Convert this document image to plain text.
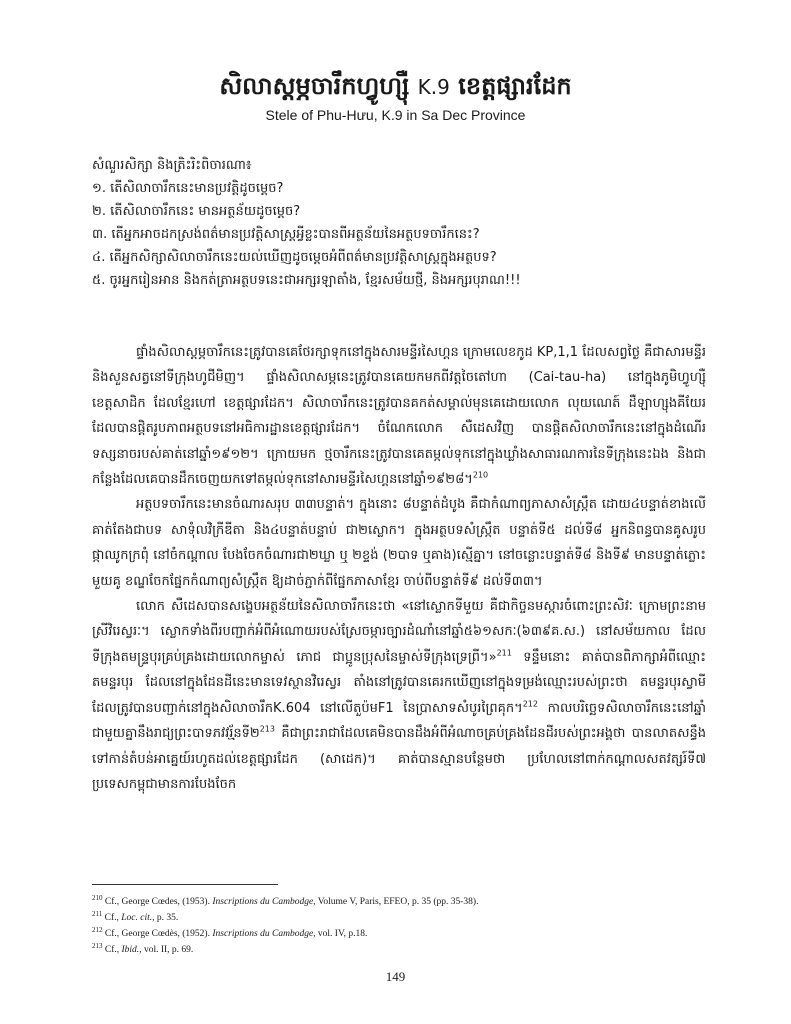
សិលាស្តម្ភចារឹកហ្វូហ្ស៊ឺ K.9 ខេត្តផ្សារដែក
Stele of Phu-Hưu, K.9 in Sa Dec Province
សំណួរសិក្សា និងត្រិះរិះពិចារណា៖
១. តើសិលាចារឹកនេះមានប្រវត្តិដូចម្តេច?
២. តើសិលាចារឹកនេះ មានអត្ថន័យដូចម្តេច?
៣. តើអ្នកអាចដកស្រង់ពត៌មានប្រវត្តិសាស្រ្តអ្វីខ្លះបានពីអត្ថន័យនៃអត្ថបទចារឹកនេះ?
៤. តើអ្នកសិក្សាសិលាចារឹកនេះយល់ឃើញដូចម្តេចអំពីពត៌មានប្រវត្តិសាស្រ្តក្នុងអត្ថបទ?
៥. ចូរអ្នករៀនអាន និងកត់ត្រាអត្ថបទនេះជាអក្សរឡាតាំង, ខ្មែរសម័យថ្មី, និងអក្សរបុរាណ!!!

ផ្ទាំងសិលាស្តម្ភចារឹកនេះត្រូវបានគេថែរក្សាទុកនៅក្នុងសារមន្ទីរសៃហ្គន ក្រោមលេខកូដ KP,1,1 ដែលសព្វថ្ងៃ គឺជាសារមន្ទីរ និងសួនសត្វនៅទីក្រុងហូជីមិញ។ ផ្ទាំងសិលាសម្ភនេះត្រូវបានគេយកមកពីវត្តចៃតៅហា (Cai-tau-ha) នៅក្នុងភូមិហ្វូហ្ស៊ឺ ខេត្តសាដិក ដែលខ្មែរហៅ ខេត្តផ្សារដែក។ សិលាចារឹកនេះត្រូវបានគកត់សម្គាល់មុនគេដោយលោក លុយណេត៍ ដឺឡាហ្សុងគីយែរ ដែលបានផ្តិតរូបភាពអត្ថបទនៅអធិការដ្ឋានខេត្តផ្សារដែក។ ចំណែកលោក សឺដេសវិញ បានផ្តិតសិលាចារឹកនេះនៅក្នុងដំណើរទស្សនាចរបស់គាត់នៅឆ្នាំ១៩១២។ ក្រោយមក ថ្មចារឹកនេះត្រូវបានគេតម្កល់ទុកនៅក្នុងឃ្លាំងសាធារណការនៃទីក្រុងនេះឯង និងជាកន្លែងដែលគេបានដឹកចេញយកទៅតម្កល់ទុកនៅសារមន្ទីរសៃហ្គននៅឆ្នាំ១៩២៨។$^{210}$

អត្ថបទចារឹកនេះមានចំណារសរុប ៣៣បន្ទាត់។ ក្នុងនោះ ៨បន្ទាត់ដំបូង គឺជាកំណាព្យភាសាសំស្ក្រឹត ដោយ៤បន្ទាត់ខាងលើគាត់តែងជាបទ សាទុំលវិក្រីឌីតា និង៤បន្ទាត់បន្ទាប់ ជា២ស្លោក។ ក្នុងអត្ថបទសំស្ក្រឹត បន្ទាត់ទី៥ ដល់ទី៨ អ្នកនិពន្ធបានគូសរូបផ្កាឈូកក្រពុំ នៅចំកណ្តាល បែងចែកចំណារជា២ឃ្លា ឬ ២ខ្ទង់ (២បាទ ឬគាង)ស្មើគ្នា។ នៅចន្លោះបន្ទាត់ទី៨ និងទី៩ មានបន្ទាត់ភ្លោះមួយគូ ខណ្ឌចែកផ្នែកកំណាព្យសំស្ក្រឹត ឱ្យដាច់ភ្ជាក់ពីផ្នែកភាសាខ្មែរ ចាប់ពីបន្ទាត់ទី៩ ដល់ទី៣៣។

លោក សឺដេសបានសង្ខេបអត្ថន័យនៃសិលាចារឹកនេះថា «នៅស្លោកទីមួយ គឺជាកិច្ចនមស្ការចំពោះព្រះសិវៈ ក្រោមព្រះនាម ស្រីវិរេស្វរៈ។ ស្លោកទាំងពីរបញ្ជាក់អំពីអំណោយរបស់ស្រែចម្ការច្បារដំណាំនៅឆ្នាំ៥៦១សកៈ(៦៣៩គ.ស.) នៅសម័យកាល ដែលទីក្រុងតមន្ទ្របុរគ្រប់គ្រងដោយលោកម្ចាស់ ភោជ ជាប្អូនប្រុសនៃម្ចាស់ទីក្រុងទ្រេព្រី។»$^{211}$ ទន្ទឹមនោះ គាត់បានពិភាក្សាអំពីឈ្មោះ តមន្ទរបុរ ដែលនៅក្នុងដែនដីនេះមានទេវស្ថានវិរេស្វរ តាំងនៅត្រូវបានគេរកឃើញនៅក្នុងទម្រង់ឈ្មោះរបស់ព្រះថា តមន្ទរបុរស្វាមី ដែលត្រូវបានបញ្ជាក់នៅក្នុងសិលាចារឹកK.604 នៅលើតួប៉មF1 នៃប្រាសាទសំបូរព្រៃគុក។$^{212}$ កាលបរិច្ឆេទសិលាចារឹកនេះនៅឆ្នាំជាមួយគ្នានឹងរាជ្យព្រះបាទភវវរ្ម័នទី២$^{213}$ គឺជាព្រះរាជាដែលគេមិនបានដឹងអំពីអំណាចគ្រប់គ្រងដែនដីរបស់ព្រះអង្គថា បានលាតសន្ធឹងទៅកាន់តំបន់អាគ្នេយ៍រហូតដល់ខេត្តផ្សារដែក (សាដេក)។ គាត់បានស្មានបន្ថែមថា ប្រហែលនៅពាក់កណ្តាលសតវត្សរ៍ទី៧ ប្រទេសកម្ពុជាមានការបែងចែក

$^{210}$ Cf., George Cœdes, (1953). Inscriptions du Cambodge, Volume V, Paris, EFEO, p. 35 (pp. 35-38).
$^{211}$ Cf., Loc. cit., p. 35.
$^{212}$ Cf., George Cœdès, (1952). Inscriptions du Cambodge, vol. IV, p.18.
$^{213}$ Cf., Ibid., vol. II, p. 69.
149
